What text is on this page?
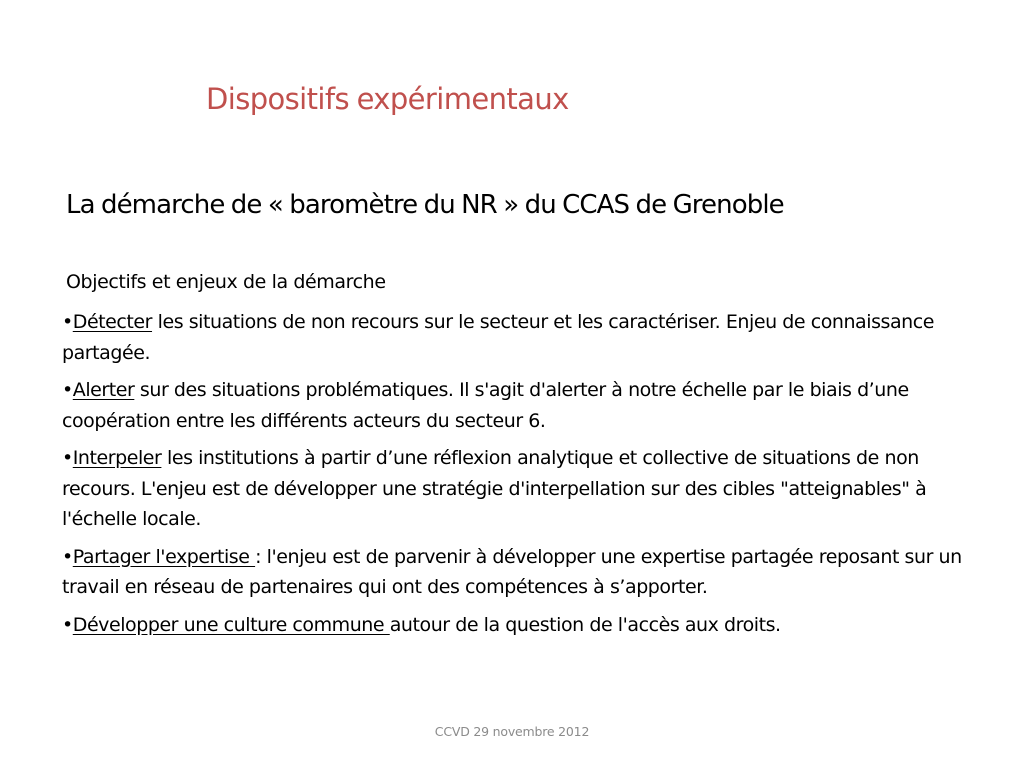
Dispositifs expérimentaux
La démarche de « baromètre du NR » du CCAS de Grenoble
Objectifs et enjeux de la démarche
•Détecter les situations de non recours sur le secteur et les caractériser. Enjeu de connaissance partagée.
•Alerter sur des situations problématiques. Il s'agit d'alerter à notre échelle par le biais d’une coopération entre les différents acteurs du secteur 6.
•Interpeler les institutions à partir d’une réflexion analytique et collective de situations de non recours. L'enjeu est de développer une stratégie d'interpellation sur des cibles "atteignables" à l'échelle locale.
•Partager l'expertise : l'enjeu est de parvenir à développer une expertise partagée reposant sur un travail en réseau de partenaires qui ont des compétences à s’apporter.
•Développer une culture commune autour de la question de l'accès aux droits.
CCVD 29 novembre 2012
